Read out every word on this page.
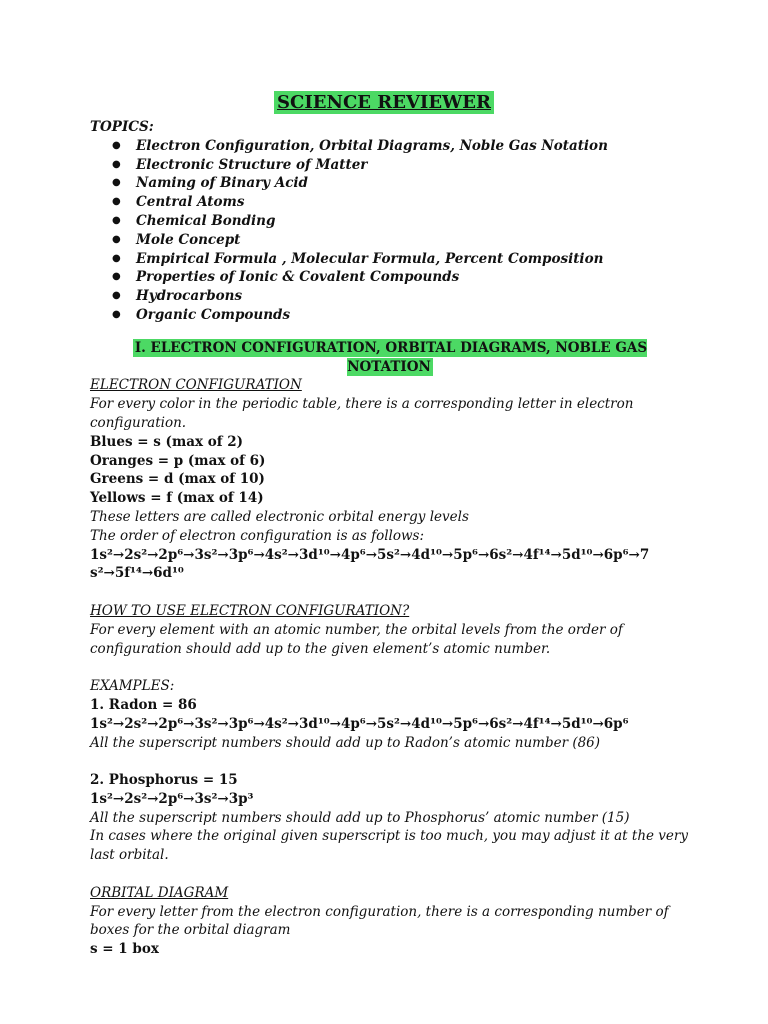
SCIENCE REVIEWER
TOPICS:
● Electron Configuration, Orbital Diagrams, Noble Gas Notation
● Electronic Structure of Matter
● Naming of Binary Acid
● Central Atoms
● Chemical Bonding
● Mole Concept
● Empirical Formula , Molecular Formula, Percent Composition
● Properties of Ionic & Covalent Compounds
● Hydrocarbons
● Organic Compounds
I. ELECTRON CONFIGURATION, ORBITAL DIAGRAMS, NOBLE GAS NOTATION
ELECTRON CONFIGURATION
For every color in the periodic table, there is a corresponding letter in electron configuration.
Blues = s (max of 2)
Oranges = p (max of 6)
Greens = d (max of 10)
Yellows = f (max of 14)
These letters are called electronic orbital energy levels
The order of electron configuration is as follows:
1s²→2s²→2p⁶→3s²→3p⁶→4s²→3d¹⁰→4p⁶→5s²→4d¹⁰→5p⁶→6s²→4f¹⁴→5d¹⁰→6p⁶→7
s²→5f¹⁴→6d¹⁰
HOW TO USE ELECTRON CONFIGURATION?
For every element with an atomic number, the orbital levels from the order of configuration should add up to the given element’s atomic number.
EXAMPLES:
1. Radon = 86
1s²→2s²→2p⁶→3s²→3p⁶→4s²→3d¹⁰→4p⁶→5s²→4d¹⁰→5p⁶→6s²→4f¹⁴→5d¹⁰→6p⁶
All the superscript numbers should add up to Radon’s atomic number (86)
2. Phosphorus = 15
1s²→2s²→2p⁶→3s²→3p³
All the superscript numbers should add up to Phosphorus’ atomic number (15)
In cases where the original given superscript is too much, you may adjust it at the very last orbital.
ORBITAL DIAGRAM
For every letter from the electron configuration, there is a corresponding number of boxes for the orbital diagram
s = 1 box
